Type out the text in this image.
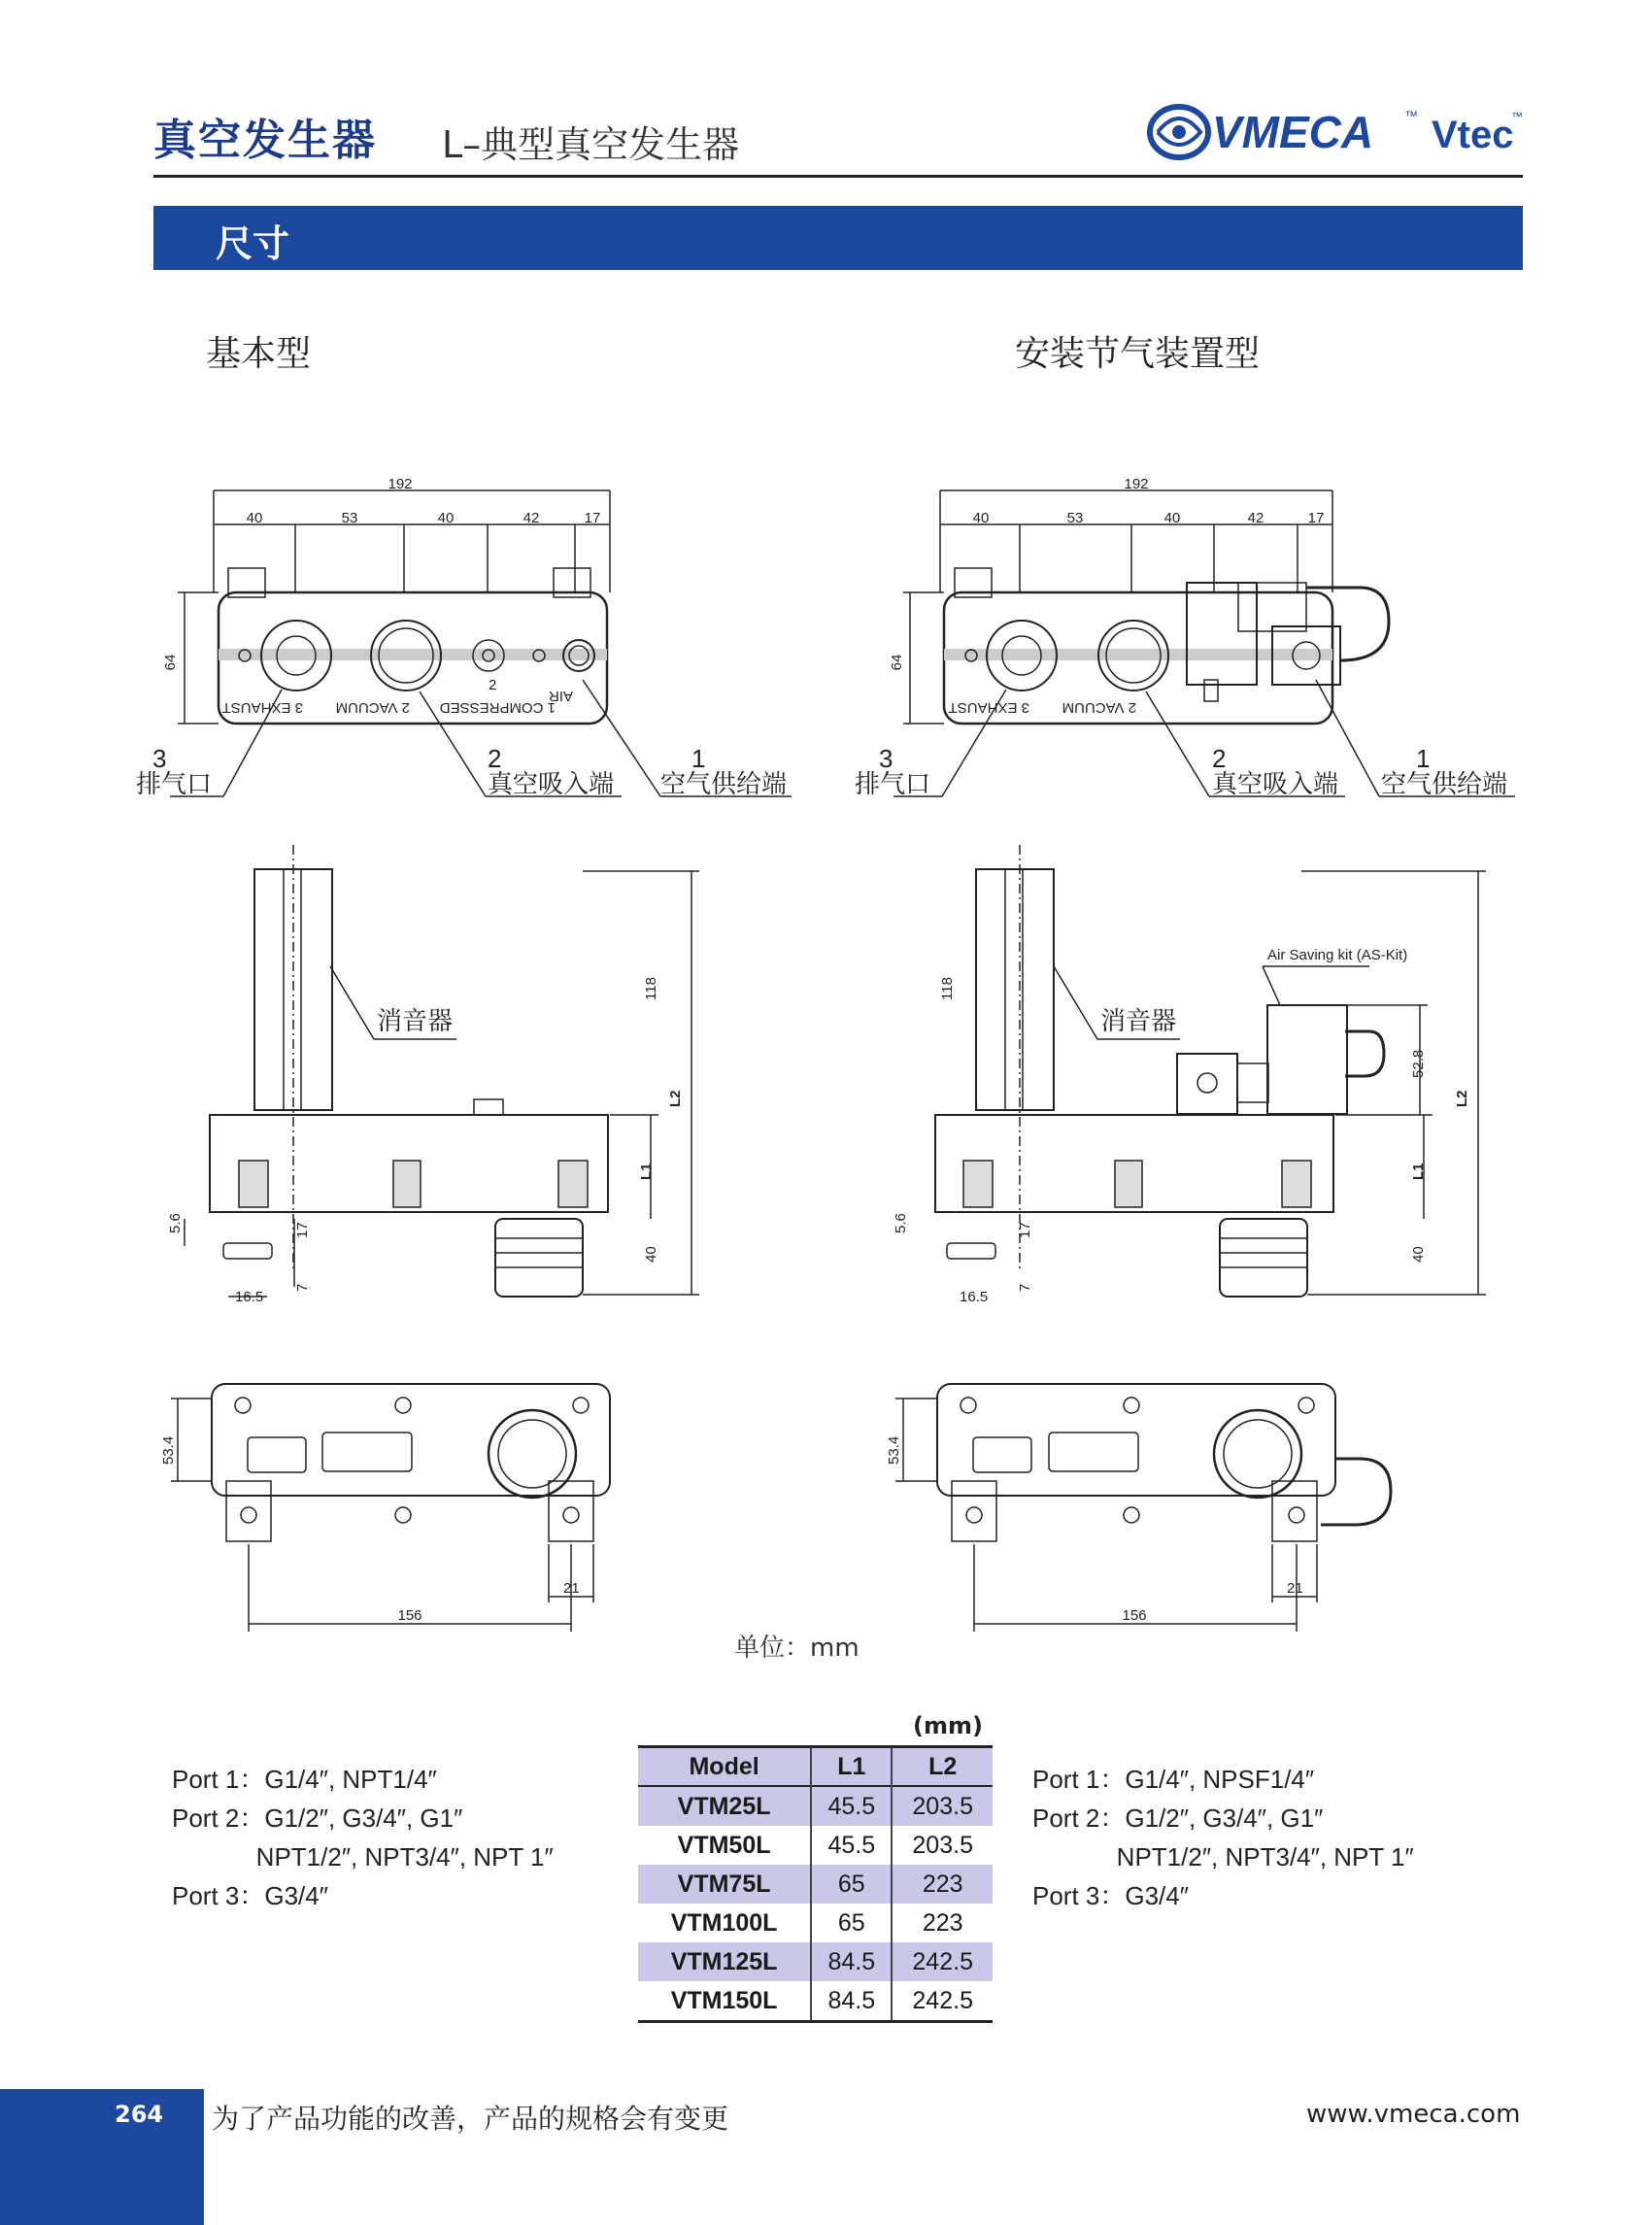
真空发生器 L–典型真空发生器	VMECA ™ Vtec
™
尺寸
基本型	安装节气装置型
192
40	53	40	42	17
64
3 EXHAUST 2 VACUUM 1 COMPRESSED
AIR
2
3
排气口
2
真空吸入端
1
空气供给端
118
L2
L1
40
5.6	17
7
16.5
消音器
53.4
21
156
192
40	53	40	42	17
64
3 EXHAUST 2 VACUUM
3
排气口
2
真空吸入端
1
空气供给端
118
L2
L1
40
52.8
5.6	17
7
16.5
Air Saving kit (AS-Kit)
消音器
53.4
21
156
单位：mm
Port 1：G1/4″, NPT1/4″
Port 2：G1/2″, G3/4″, G1″
NPT1/2″, NPT3/4″, NPT 1″
Port 3：G3/4″
Port 1：G1/4″, NPSF1/4″
Port 2：G1/2″, G3/4″, G1″
NPT1/2″, NPT3/4″, NPT 1″
Port 3：G3/4″
(mm)
Model	L1	L2
VTM25L	45.5	203.5
VTM50L	45.5	203.5
VTM75L	65	223
VTM100L	65	223
VTM125L	84.5	242.5
VTM150L	84.5	242.5
264 为了产品功能的改善，产品的规格会有变更	www.vmeca.com
